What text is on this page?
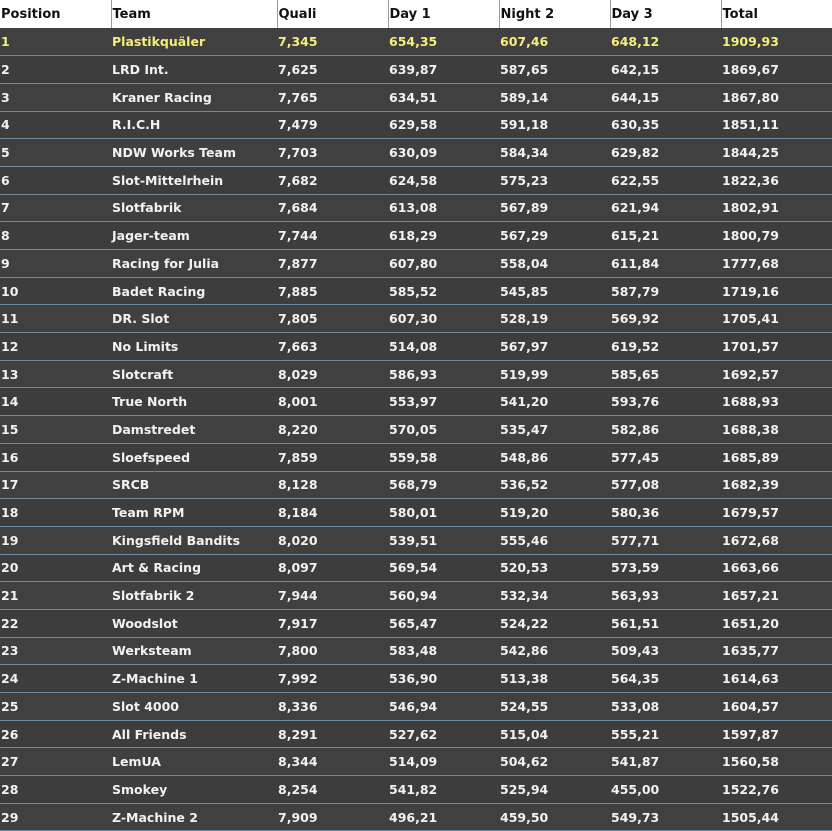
Position	Team	Quali	Day 1	Night 2	Day 3	Total
1	Plastikquäler	7,345	654,35	607,46	648,12	1909,93
2	LRD Int.	7,625	639,87	587,65	642,15	1869,67
3	Kraner Racing	7,765	634,51	589,14	644,15	1867,80
4	R.I.C.H	7,479	629,58	591,18	630,35	1851,11
5	NDW Works Team	7,703	630,09	584,34	629,82	1844,25
6	Slot-Mittelrhein	7,682	624,58	575,23	622,55	1822,36
7	Slotfabrik	7,684	613,08	567,89	621,94	1802,91
8	Jager-team	7,744	618,29	567,29	615,21	1800,79
9	Racing for Julia	7,877	607,80	558,04	611,84	1777,68
10	Badet Racing	7,885	585,52	545,85	587,79	1719,16
11	DR. Slot	7,805	607,30	528,19	569,92	1705,41
12	No Limits	7,663	514,08	567,97	619,52	1701,57
13	Slotcraft	8,029	586,93	519,99	585,65	1692,57
14	True North	8,001	553,97	541,20	593,76	1688,93
15	Damstredet	8,220	570,05	535,47	582,86	1688,38
16	Sloefspeed	7,859	559,58	548,86	577,45	1685,89
17	SRCB	8,128	568,79	536,52	577,08	1682,39
18	Team RPM	8,184	580,01	519,20	580,36	1679,57
19	Kingsfield Bandits	8,020	539,51	555,46	577,71	1672,68
20	Art & Racing	8,097	569,54	520,53	573,59	1663,66
21	Slotfabrik 2	7,944	560,94	532,34	563,93	1657,21
22	Woodslot	7,917	565,47	524,22	561,51	1651,20
23	Werksteam	7,800	583,48	542,86	509,43	1635,77
24	Z-Machine 1	7,992	536,90	513,38	564,35	1614,63
25	Slot 4000	8,336	546,94	524,55	533,08	1604,57
26	All Friends	8,291	527,62	515,04	555,21	1597,87
27	LemUA	8,344	514,09	504,62	541,87	1560,58
28	Smokey	8,254	541,82	525,94	455,00	1522,76
29	Z-Machine 2	7,909	496,21	459,50	549,73	1505,44
